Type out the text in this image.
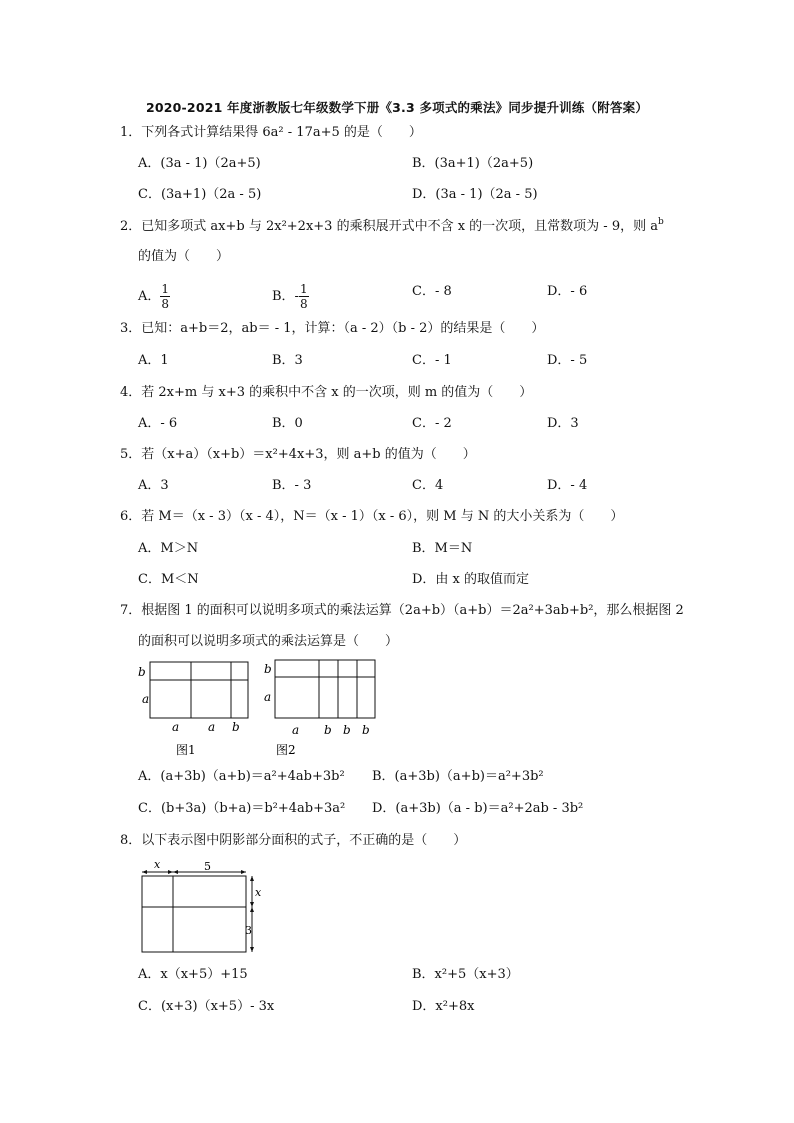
2020-2021 年度浙教版七年级数学下册《3.3 多项式的乘法》同步提升训练（附答案）
1．下列各式计算结果得 6a² - 17a+5 的是（　　）
A．(3a - 1)（2a+5)	B．(3a+1)（2a+5)
C．(3a+1)（2a - 5)	D．(3a - 1)（2a - 5)
2．已知多项式 ax+b 与 2x²+2x+3 的乘积展开式中不含 x 的一次项，且常数项为 - 9，则 $a^b$
的值为（　　）
A． $\frac{1}{8}$	B．- $\frac{1}{8}$	C．- 8	D．- 6
3．已知：a+b＝2，ab＝ - 1，计算：（a - 2）（b - 2）的结果是（　　）
A．1	B．3	C．- 1	D．- 5
4．若 2x+m 与 x+3 的乘积中不含 x 的一次项，则 m 的值为（　　）
A．- 6	B．0	C．- 2	D．3
5．若（x+a）（x+b）＝x²+4x+3，则 a+b 的值为（　　）
A．3	B．- 3	C．4	D．- 4
6．若 M＝（x - 3）（x - 4），N＝（x - 1）（x - 6），则 M 与 N 的大小关系为（　　）
A．M＞N	B．M＝N
C．M＜N	D．由 x 的取值而定
7．根据图 1 的面积可以说明多项式的乘法运算（2a+b）（a+b）＝2a²+3ab+b²，那么根据图 2
的面积可以说明多项式的乘法运算是（　　）
b
a
a a b
图1
b
a
a b b b
图2
A．(a+3b)（a+b)＝a²+4ab+3b² B．(a+3b)（a+b)＝a²+3b²
C．(b+3a)（b+a)＝b²+4ab+3a² D．(a+3b)（a - b)＝a²+2ab - 3b²
8．以下表示图中阴影部分面积的式子，不正确的是（　　）
x	5
x
3
A．x（x+5）+15	B．x²+5（x+3）
C．(x+3)（x+5）- 3x	D．x²+8x
